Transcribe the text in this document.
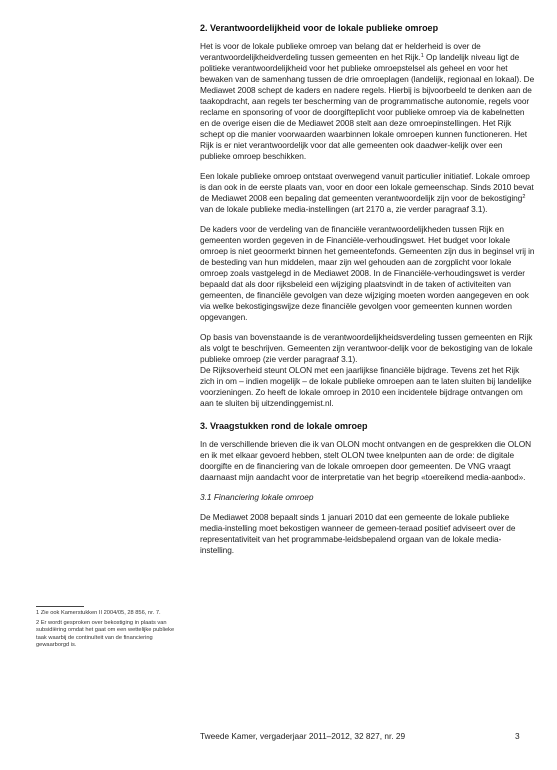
2. Verantwoordelijkheid voor de lokale publieke omroep

Het is voor de lokale publieke omroep van belang dat er helderheid is over de verantwoordelijkheidverdeling tussen gemeenten en het Rijk.$^1$ Op landelijk niveau ligt de politieke verantwoordelijkheid voor het publieke omroepstelsel als geheel en voor het bewaken van de samenhang tussen de drie omroeplagen (landelijk, regionaal en lokaal). De Mediawet 2008 schept de kaders en nadere regels. Hierbij is bijvoorbeeld te denken aan de taakopdracht, aan regels ter bescherming van de programmatische autonomie, regels voor reclame en sponsoring of voor de doorgifteplicht voor publieke omroep via de kabelnetten en de overige eisen die de Mediawet 2008 stelt aan deze omroepinstellingen. Het Rijk schept op die manier voorwaarden waarbinnen lokale omroepen kunnen functioneren. Het Rijk is er niet verantwoordelijk voor dat alle gemeenten ook daadwer-kelijk over een publieke omroep beschikken.

Een lokale publieke omroep ontstaat overwegend vanuit particulier initiatief. Lokale omroep is dan ook in de eerste plaats van, voor en door een lokale gemeenschap. Sinds 2010 bevat de Mediawet 2008 een bepaling dat gemeenten verantwoordelijk zijn voor de bekostiging$^2$ van de lokale publieke media-instellingen (art 2170 a, zie verder paragraaf 3.1).

De kaders voor de verdeling van de financiële verantwoordelijkheden tussen Rijk en gemeenten worden gegeven in de Financiële-verhoudingswet. Het budget voor lokale omroep is niet geoormerkt binnen het gemeentefonds. Gemeenten zijn dus in beginsel vrij in de besteding van hun middelen, maar zijn wel gehouden aan de zorgplicht voor lokale omroep zoals vastgelegd in de Mediawet 2008. In de Financiële-verhoudingswet is verder bepaald dat als door rijksbeleid een wijziging plaatsvindt in de taken of activiteiten van gemeenten, de financiële gevolgen van deze wijziging moeten worden aangegeven en ook via welke bekostigingswijze deze financiële gevolgen voor gemeenten kunnen worden opgevangen.

Op basis van bovenstaande is de verantwoordelijkheidsverdeling tussen gemeenten en Rijk als volgt te beschrijven. Gemeenten zijn verantwoor-delijk voor de bekostiging van de lokale publieke omroep (zie verder paragraaf 3.1).

De Rijksoverheid steunt OLON met een jaarlijkse financiële bijdrage. Tevens zet het Rijk zich in om – indien mogelijk – de lokale publieke omroepen aan te laten sluiten bij landelijke voorzieningen. Zo heeft de lokale omroep in 2010 een incidentele bijdrage ontvangen om aan te sluiten bij uitzendinggemist.nl.

3. Vraagstukken rond de lokale omroep

In de verschillende brieven die ik van OLON mocht ontvangen en de gesprekken die OLON en ik met elkaar gevoerd hebben, stelt OLON twee knelpunten aan de orde: de digitale doorgifte en de financiering van de lokale omroepen door gemeenten. De VNG vraagt daarnaast mijn aandacht voor de interpretatie van het begrip «toereikend media-aanbod».

3.1 Financiering lokale omroep

De Mediawet 2008 bepaalt sinds 1 januari 2010 dat een gemeente de lokale publieke media-instelling moet bekostigen wanneer de gemeen-teraad positief adviseert over de representativiteit van het programmabe-leidsbepalend orgaan van de lokale media-instelling.

1 Zie ook Kamerstukken II 2004/05, 28 856, nr. 7.
2 Er wordt gesproken over bekostiging in plaats van subsidiëring omdat het gaat om een wettelijke publieke taak waarbij de continuïteit van de financiering gewaarborgd is.
Tweede Kamer, vergaderjaar 2011–2012, 32 827, nr. 29	3
